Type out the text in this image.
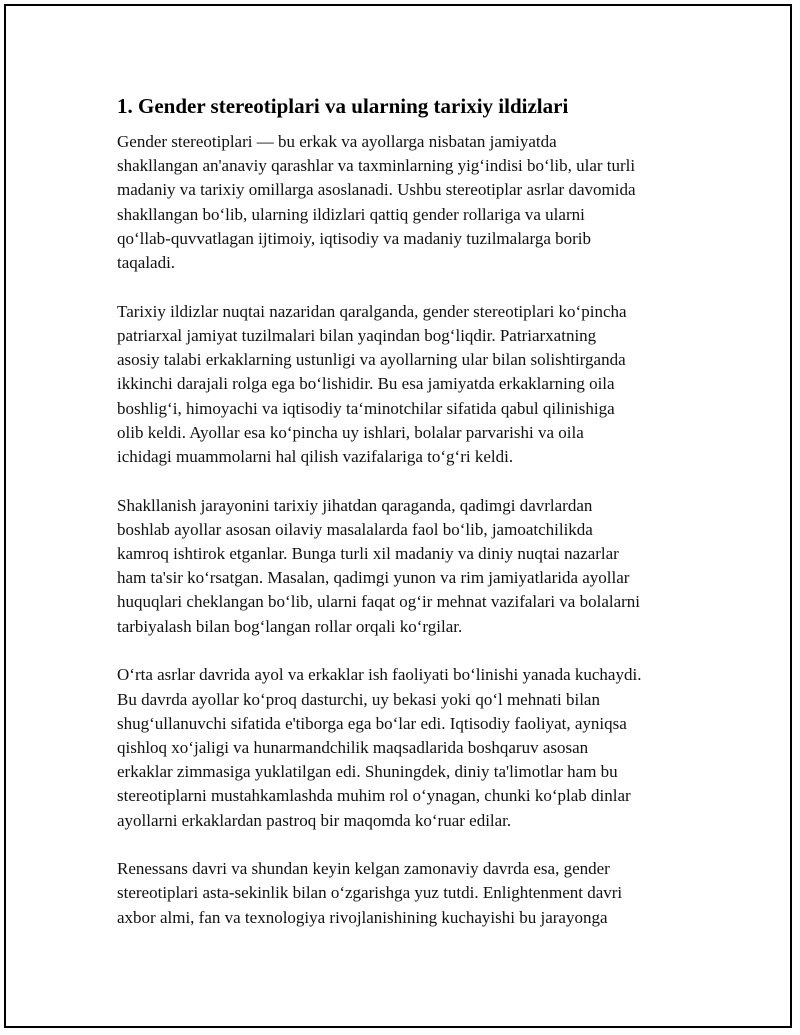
1. Gender stereotiplari va ularning tarixiy ildizlari

Gender stereotiplari — bu erkak va ayollarga nisbatan jamiyatda
shakllangan an'anaviy qarashlar va taxminlarning yig‘indisi bo‘lib, ular turli
madaniy va tarixiy omillarga asoslanadi. Ushbu stereotiplar asrlar davomida
shakllangan bo‘lib, ularning ildizlari qattiq gender rollariga va ularni
qo‘llab-quvvatlagan ijtimoiy, iqtisodiy va madaniy tuzilmalarga borib
taqaladi.

Tarixiy ildizlar nuqtai nazaridan qaralganda, gender stereotiplari ko‘pincha
patriarxal jamiyat tuzilmalari bilan yaqindan bog‘liqdir. Patriarxatning
asosiy talabi erkaklarning ustunligi va ayollarning ular bilan solishtirganda
ikkinchi darajali rolga ega bo‘lishidir. Bu esa jamiyatda erkaklarning oila
boshlig‘i, himoyachi va iqtisodiy ta‘minotchilar sifatida qabul qilinishiga
olib keldi. Ayollar esa ko‘pincha uy ishlari, bolalar parvarishi va oila
ichidagi muammolarni hal qilish vazifalariga to‘g‘ri keldi.

Shakllanish jarayonini tarixiy jihatdan qaraganda, qadimgi davrlardan
boshlab ayollar asosan oilaviy masalalarda faol bo‘lib, jamoatchilikda
kamroq ishtirok etganlar. Bunga turli xil madaniy va diniy nuqtai nazarlar
ham ta'sir ko‘rsatgan. Masalan, qadimgi yunon va rim jamiyatlarida ayollar
huquqlari cheklangan bo‘lib, ularni faqat og‘ir mehnat vazifalari va bolalarni
tarbiyalash bilan bog‘langan rollar orqali ko‘rgilar.

O‘rta asrlar davrida ayol va erkaklar ish faoliyati bo‘linishi yanada kuchaydi.
Bu davrda ayollar ko‘proq dasturchi, uy bekasi yoki qo‘l mehnati bilan
shug‘ullanuvchi sifatida e'tiborga ega bo‘lar edi. Iqtisodiy faoliyat, ayniqsa
qishloq xo‘jaligi va hunarmandchilik maqsadlarida boshqaruv asosan
erkaklar zimmasiga yuklatilgan edi. Shuningdek, diniy ta'limotlar ham bu
stereotiplarni mustahkamlashda muhim rol o‘ynagan, chunki ko‘plab dinlar
ayollarni erkaklardan pastroq bir maqomda ko‘ruar edilar.

Renessans davri va shundan keyin kelgan zamonaviy davrda esa, gender
stereotiplari asta-sekinlik bilan o‘zgarishga yuz tutdi. Enlightenment davri
axbor almi, fan va texnologiya rivojlanishining kuchayishi bu jarayonga
